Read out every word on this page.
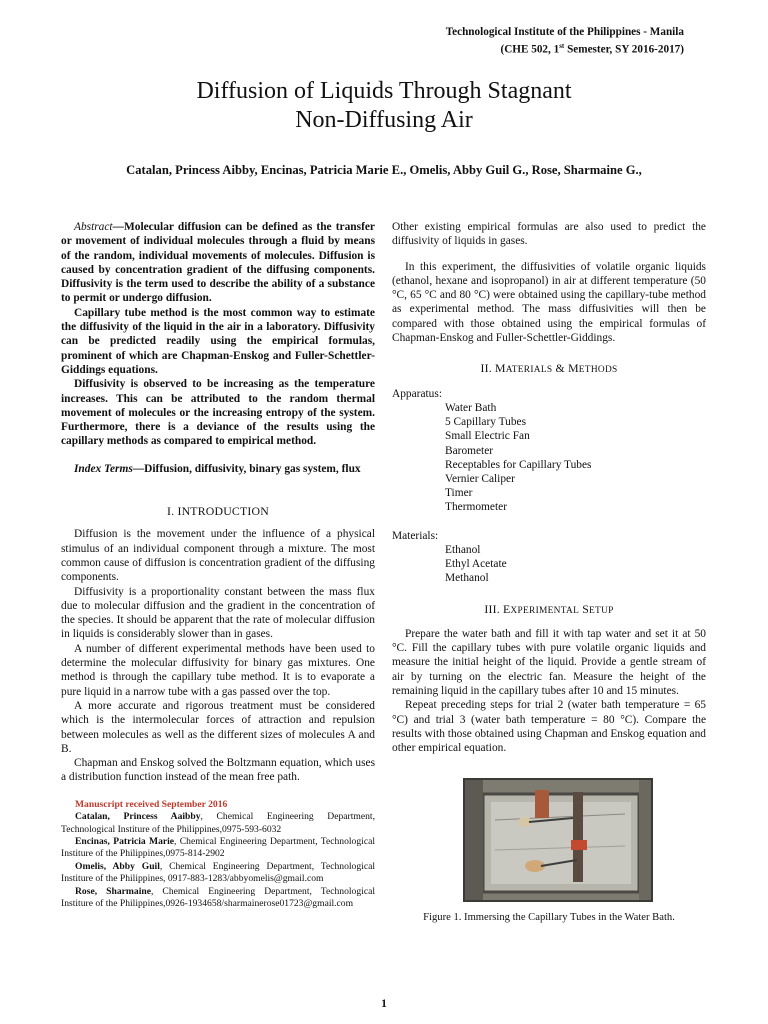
Technological Institute of the Philippines - Manila
(CHE 502, 1st Semester, SY 2016-2017)
Diffusion of Liquids Through Stagnant
Non-Diffusing Air
Catalan, Princess Aibby, Encinas, Patricia Marie E., Omelis, Abby Guil G., Rose, Sharmaine G.,
Abstract—Molecular diffusion can be defined as the transfer or movement of individual molecules through a fluid by means of the random, individual movements of molecules. Diffusion is caused by concentration gradient of the diffusing components. Diffusivity is the term used to describe the ability of a substance to permit or undergo diffusion.
Capillary tube method is the most common way to estimate the diffusivity of the liquid in the air in a laboratory. Diffusivity can be predicted readily using the empirical formulas, prominent of which are Chapman-Enskog and Fuller-Schettler-Giddings equations.
Diffusivity is observed to be increasing as the temperature increases. This can be attributed to the random thermal movement of molecules or the increasing entropy of the system. Furthermore, there is a deviance of the results using the capillary methods as compared to empirical method.
Index Terms—Diffusion, diffusivity, binary gas system, flux
I. INTRODUCTION
Diffusion is the movement under the influence of a physical stimulus of an individual component through a mixture. The most common cause of diffusion is concentration gradient of the diffusing components.
Diffusivity is a proportionality constant between the mass flux due to molecular diffusion and the gradient in the concentration of the species. It should be apparent that the rate of molecular diffusion in liquids is considerably slower than in gases.
A number of different experimental methods have been used to determine the molecular diffusivity for binary gas mixtures. One method is through the capillary tube method. It is to evaporate a pure liquid in a narrow tube with a gas passed over the top.
A more accurate and rigorous treatment must be considered which is the intermolecular forces of attraction and repulsion between molecules as well as the different sizes of molecules A and B.
Chapman and Enskog solved the Boltzmann equation, which uses a distribution function instead of the mean free path.
Manuscript received September 2016
Catalan, Princess Aaibby, Chemical Engineering Department, Technological Institure of the Philippines,0975-593-6032
Encinas, Patricia Marie, Chemical Engineering Department, Technological Institure of the Philippines,0975-814-2902
Omelis, Abby Guil, Chemical Engineering Department, Technological Institure of the Philippines, 0917-883-1283/abbyomelis@gmail.com
Rose, Sharmaine, Chemical Engineering Department, Technological Institure of the Philippines,0926-1934658/sharmainerose01723@gmail.com
Other existing empirical formulas are also used to predict the diffusivity of liquids in gases.
In this experiment, the diffusivities of volatile organic liquids (ethanol, hexane and isopropanol) in air at different temperature (50 °C, 65 °C and 80 °C) were obtained using the capillary-tube method as experimental method. The mass diffusivities will then be compared with those obtained using the empirical formulas of Chapman-Enskog and Fuller-Schettler-Giddings.
II. MATERIALS & METHODS
Apparatus:
Water Bath
5 Capillary Tubes
Small Electric Fan
Barometer
Receptables for Capillary Tubes
Vernier Caliper
Timer
Thermometer
Materials:
Ethanol
Ethyl Acetate
Methanol
III. EXPERIMENTAL SETUP
Prepare the water bath and fill it with tap water and set it at 50 °C. Fill the capillary tubes with pure volatile organic liquids and measure the initial height of the liquid. Provide a gentle stream of air by turning on the electric fan. Measure the height of the remaining liquid in the capillary tubes after 10 and 15 minutes.
Repeat preceding steps for trial 2 (water bath temperature = 65 °C) and trial 3 (water bath temperature = 80 °C). Compare the results with those obtained using Chapman and Enskog equation and other empirical equation.
Figure 1. Immersing the Capillary Tubes in the Water Bath.
1
